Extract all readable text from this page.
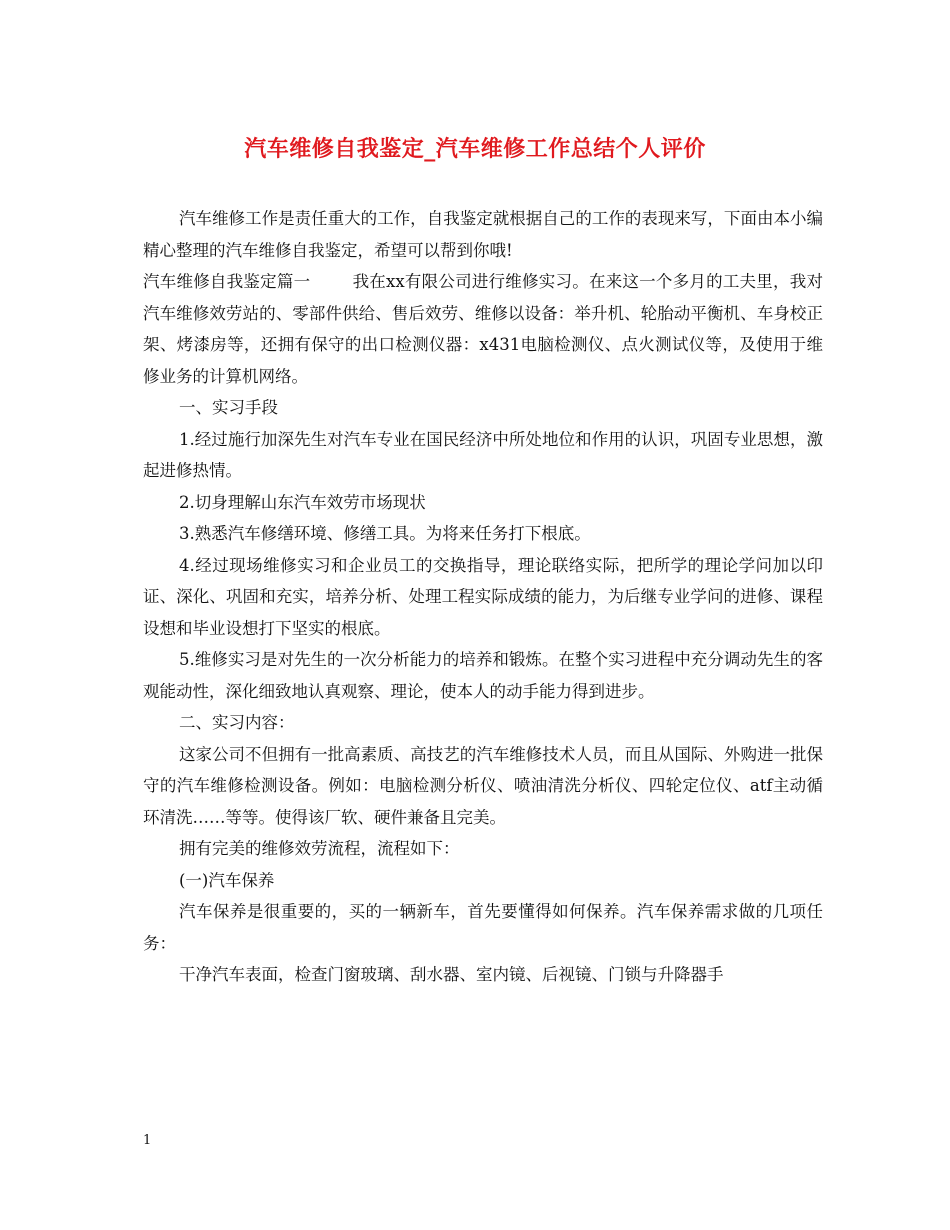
汽车维修自我鉴定_汽车维修工作总结个人评价

汽车维修工作是责任重大的工作，自我鉴定就根据自己的工作的表现来写，下面由本小编精心整理的汽车维修自我鉴定，希望可以帮到你哦!

汽车维修自我鉴定篇一	我在xx有限公司进行维修实习。在来这一个多月的工夫里，我对汽车维修效劳站的、零部件供给、售后效劳、维修以设备：举升机、轮胎动平衡机、车身校正架、烤漆房等，还拥有保守的出口检测仪器：x431电脑检测仪、点火测试仪等，及使用于维修业务的计算机网络。

一、实习手段

1.经过施行加深先生对汽车专业在国民经济中所处地位和作用的认识，巩固专业思想，激起进修热情。

2.切身理解山东汽车效劳市场现状

3.熟悉汽车修缮环境、修缮工具。为将来任务打下根底。

4.经过现场维修实习和企业员工的交换指导，理论联络实际，把所学的理论学问加以印证、深化、巩固和充实，培养分析、处理工程实际成绩的能力，为后继专业学问的进修、课程设想和毕业设想打下坚实的根底。

5.维修实习是对先生的一次分析能力的培养和锻炼。在整个实习进程中充分调动先生的客观能动性，深化细致地认真观察、理论，使本人的动手能力得到进步。

二、实习内容：

这家公司不但拥有一批高素质、高技艺的汽车维修技术人员，而且从国际、外购进一批保守的汽车维修检测设备。例如：电脑检测分析仪、喷油清洗分析仪、四轮定位仪、atf主动循环清洗……等等。使得该厂软、硬件兼备且完美。

拥有完美的维修效劳流程，流程如下：

(一)汽车保养

汽车保养是很重要的，买的一辆新车，首先要懂得如何保养。汽车保养需求做的几项任务：

干净汽车表面，检查门窗玻璃、刮水器、室内镜、后视镜、门锁与升降器手

1
